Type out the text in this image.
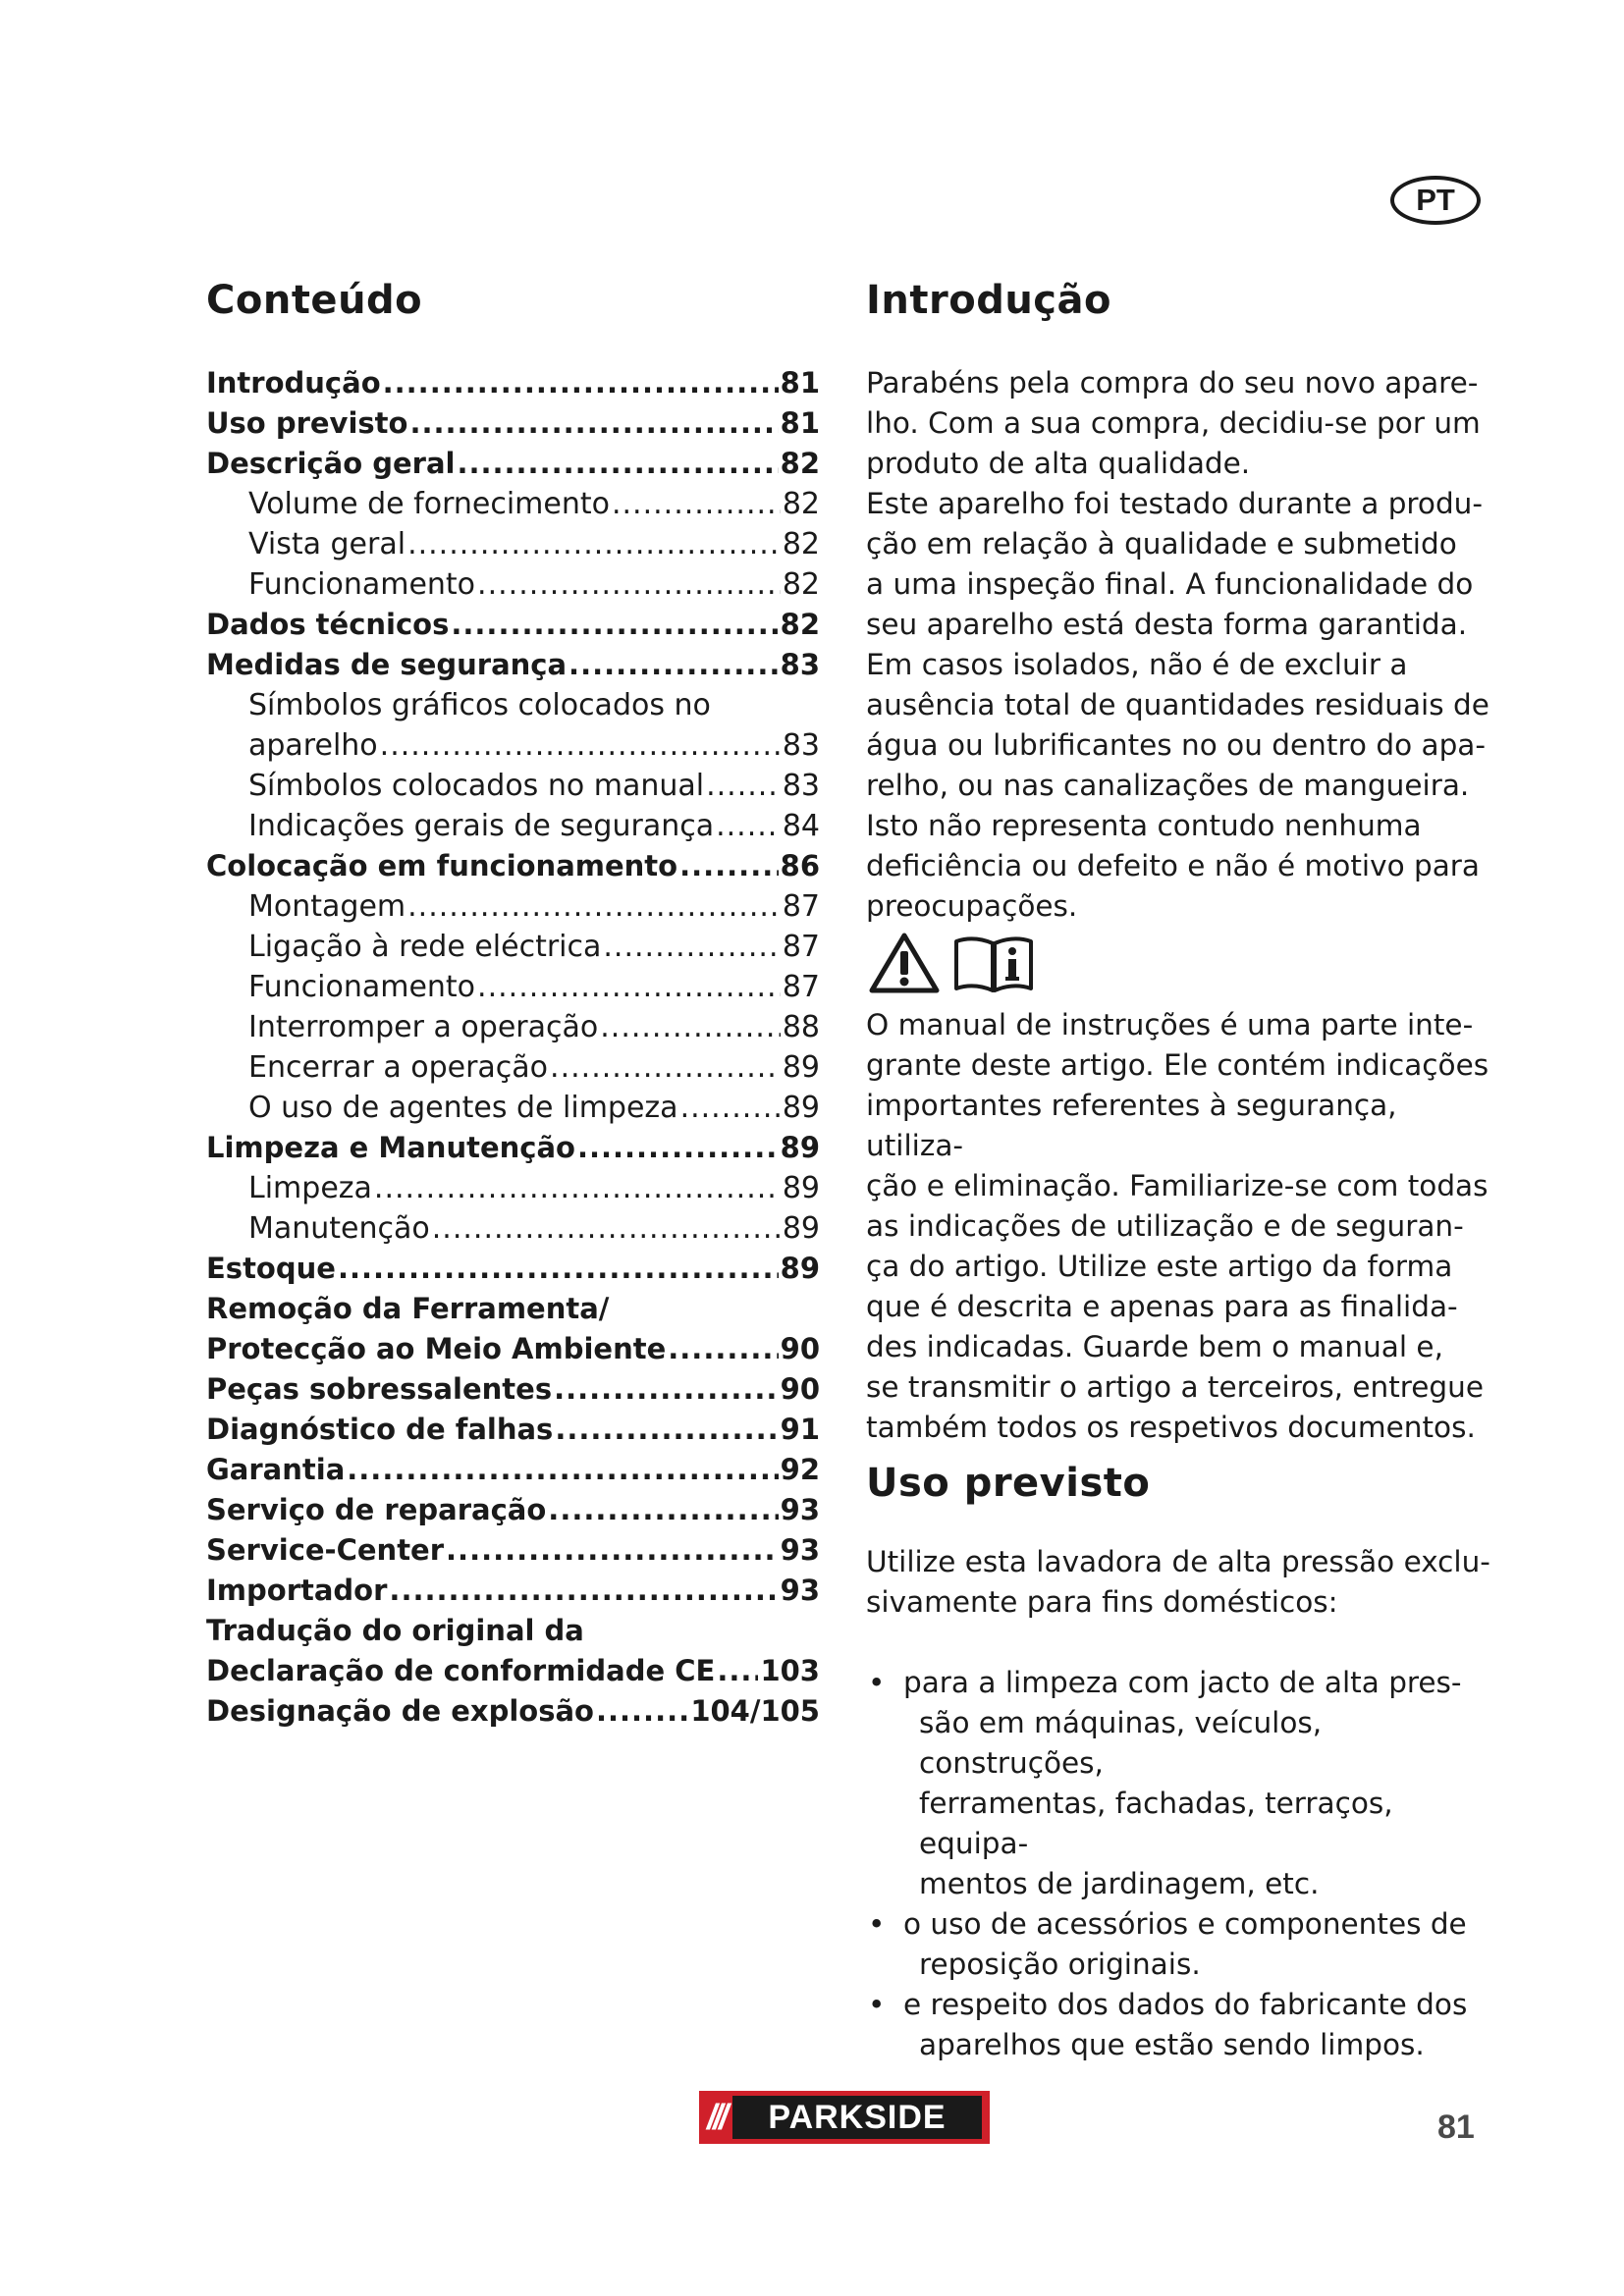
PT
Conteúdo
Introdução .....	81
Uso previsto .....	81
Descrição geral .....	82
Volume de fornecimento .....	82
Vista geral .....	82
Funcionamento .....	82
Dados técnicos .....	82
Medidas de segurança .....	83
Símbolos gráficos colocados no
aparelho .....	83
Símbolos colocados no manual .....	83
Indicações gerais de segurança ..... 84
Colocação em funcionamento .....	86
Montagem .....	87
Ligação à rede eléctrica .....	87
Funcionamento .....	87
Interromper a operação .....	88
Encerrar a operação .....	89
O uso de agentes de limpeza .....	89
Limpeza e Manutenção .....	89
Limpeza .....	89
Manutenção .....	89
Estoque .....	89
Remoção da Ferramenta/
Protecção ao Meio Ambiente .....	90
Peças sobressalentes .....	90
Diagnóstico de falhas .....	91
Garantia .....	92
Serviço de reparação .....	93
Service-Center .....	93
Importador .....	93
Tradução do original da
Declaração de conformidade CE ..... 103
Designação de explosão .....	104/105
Introdução
Parabéns pela compra do seu novo apare-
lho. Com a sua compra, decidiu-se por um
produto de alta qualidade.
Este aparelho foi testado durante a produ-
ção em relação à qualidade e submetido
a uma inspeção final. A funcionalidade do
seu aparelho está desta forma garantida.
Em casos isolados, não é de excluir a
ausência total de quantidades residuais de
água ou lubrificantes no ou dentro do apa-
relho, ou nas canalizações de mangueira.
Isto não representa contudo nenhuma
deficiência ou defeito e não é motivo para
preocupações.
O manual de instruções é uma parte inte-
grante deste artigo. Ele contém indicações
importantes referentes à segurança, utiliza-
ção e eliminação. Familiarize-se com todas
as indicações de utilização e de seguran-
ça do artigo. Utilize este artigo da forma
que é descrita e apenas para as finalida-
des indicadas. Guarde bem o manual e,
se transmitir o artigo a terceiros, entregue
também todos os respetivos documentos.
Uso previsto
Utilize esta lavadora de alta pressão exclu-
sivamente para fins domésticos:
• para a limpeza com jacto de alta pres-
são em máquinas, veículos, construções,
ferramentas, fachadas, terraços, equipa-
mentos de jardinagem, etc.
• o uso de acessórios e componentes de
reposição originais.
• e respeito dos dados do fabricante dos
aparelhos que estão sendo limpos.
///	PARKSIDE	81
